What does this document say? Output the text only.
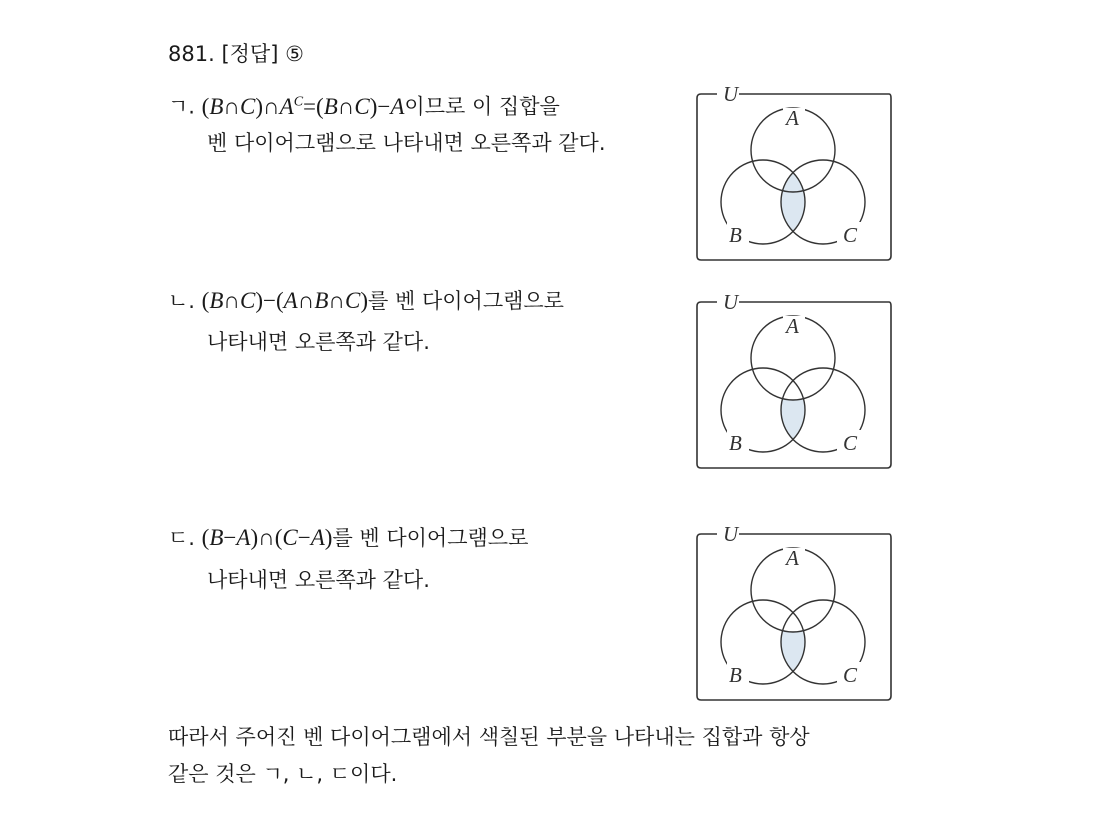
881. [정답] ⑤
ㄱ. $(B\cap C)\cap A^C=(B\cap C)-A$이므로 이 집합을
벤 다이어그램으로 나타내면 오른쪽과 같다.
ㄴ. (B∩C)−(A∩B∩C)를 벤 다이어그램으로
나타내면 오른쪽과 같다.
ㄷ. (B−A)∩(C−A)를 벤 다이어그램으로
나타내면 오른쪽과 같다.
따라서 주어진 벤 다이어그램에서 색칠된 부분을 나타내는 집합과 항상
같은 것은 ㄱ, ㄴ, ㄷ이다.
U
A
B	C
U
A
B	C
U
A
B	C
